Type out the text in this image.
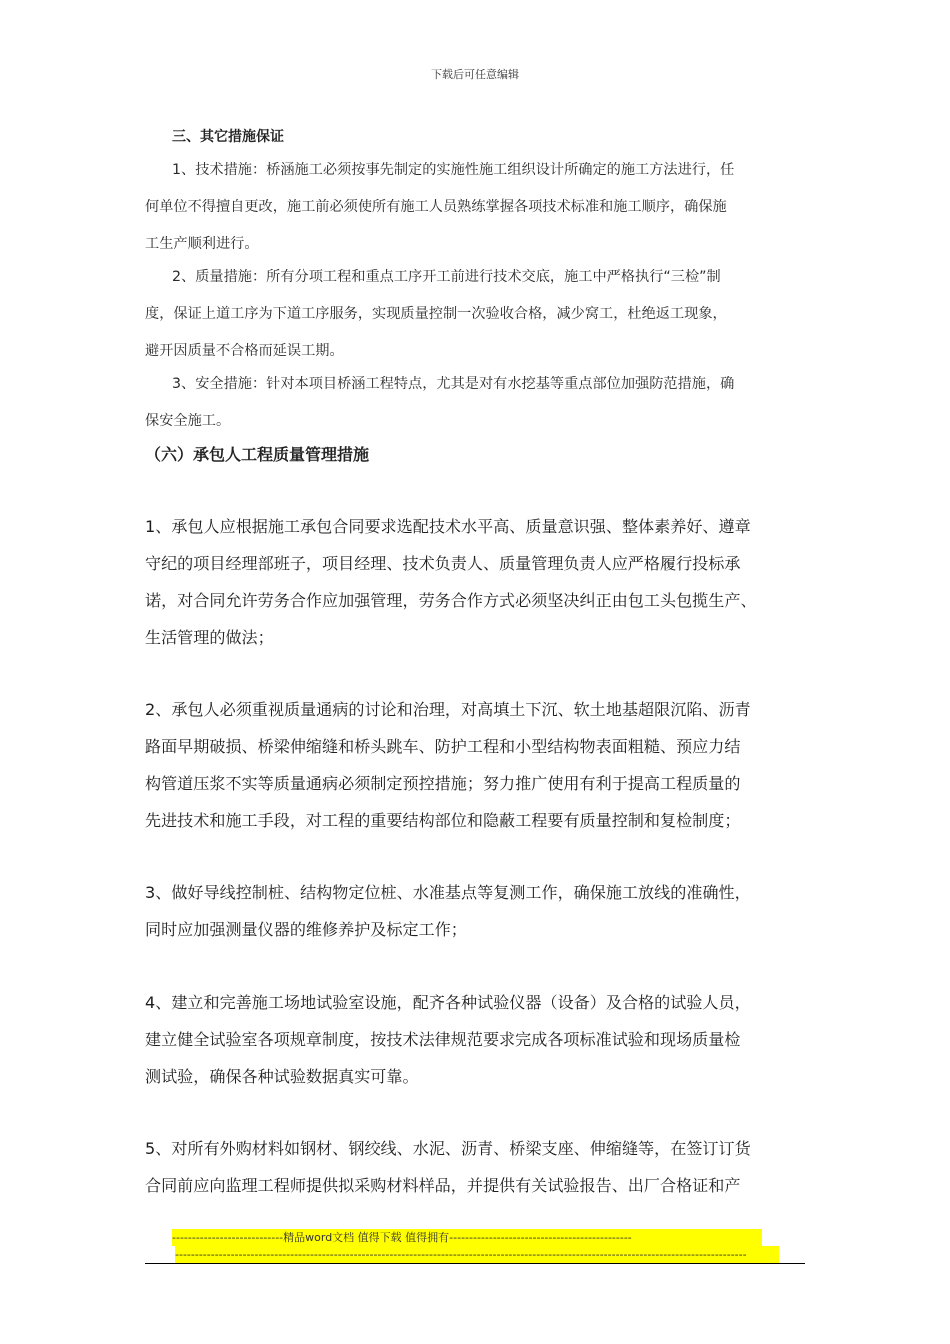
下载后可任意编辑
三、其它措施保证
1、技术措施：桥涵施工必须按事先制定的实施性施工组织设计所确定的施工方法进行，任
何单位不得擅自更改，施工前必须使所有施工人员熟练掌握各项技术标准和施工顺序，确保施
工生产顺利进行。
2、质量措施：所有分项工程和重点工序开工前进行技术交底，施工中严格执行“三检”制
度，保证上道工序为下道工序服务，实现质量控制一次验收合格，减少窝工，杜绝返工现象，
避开因质量不合格而延误工期。
3、安全措施：针对本项目桥涵工程特点，尤其是对有水挖基等重点部位加强防范措施，确
保安全施工。
（六）承包人工程质量管理措施
1、承包人应根据施工承包合同要求选配技术水平高、质量意识强、整体素养好、遵章
守纪的项目经理部班子，项目经理、技术负责人、质量管理负责人应严格履行投标承
诺，对合同允许劳务合作应加强管理，劳务合作方式必须坚决纠正由包工头包揽生产、
生活管理的做法；
2、承包人必须重视质量通病的讨论和治理，对高填土下沉、软土地基超限沉陷、沥青
路面早期破损、桥梁伸缩缝和桥头跳车、防护工程和小型结构物表面粗糙、预应力结
构管道压浆不实等质量通病必须制定预控措施；努力推广使用有利于提高工程质量的
先进技术和施工手段，对工程的重要结构部位和隐蔽工程要有质量控制和复检制度；
3、做好导线控制桩、结构物定位桩、水准基点等复测工作，确保施工放线的准确性，
同时应加强测量仪器的维修养护及标定工作；
4、建立和完善施工场地试验室设施，配齐各种试验仪器（设备）及合格的试验人员，
建立健全试验室各项规章制度，按技术法律规范要求完成各项标准试验和现场质量检
测试验，确保各种试验数据真实可靠。
5、对所有外购材料如钢材、钢绞线、水泥、沥青、桥梁支座、伸缩缝等，在签订订货
合同前应向监理工程师提供拟采购材料样品，并提供有关试验报告、出厂合格证和产
----------------------------精品word文档 值得下载 值得拥有----------------------------------------------
------------------------------------------------------------------------------------------------------------------------------------------------
